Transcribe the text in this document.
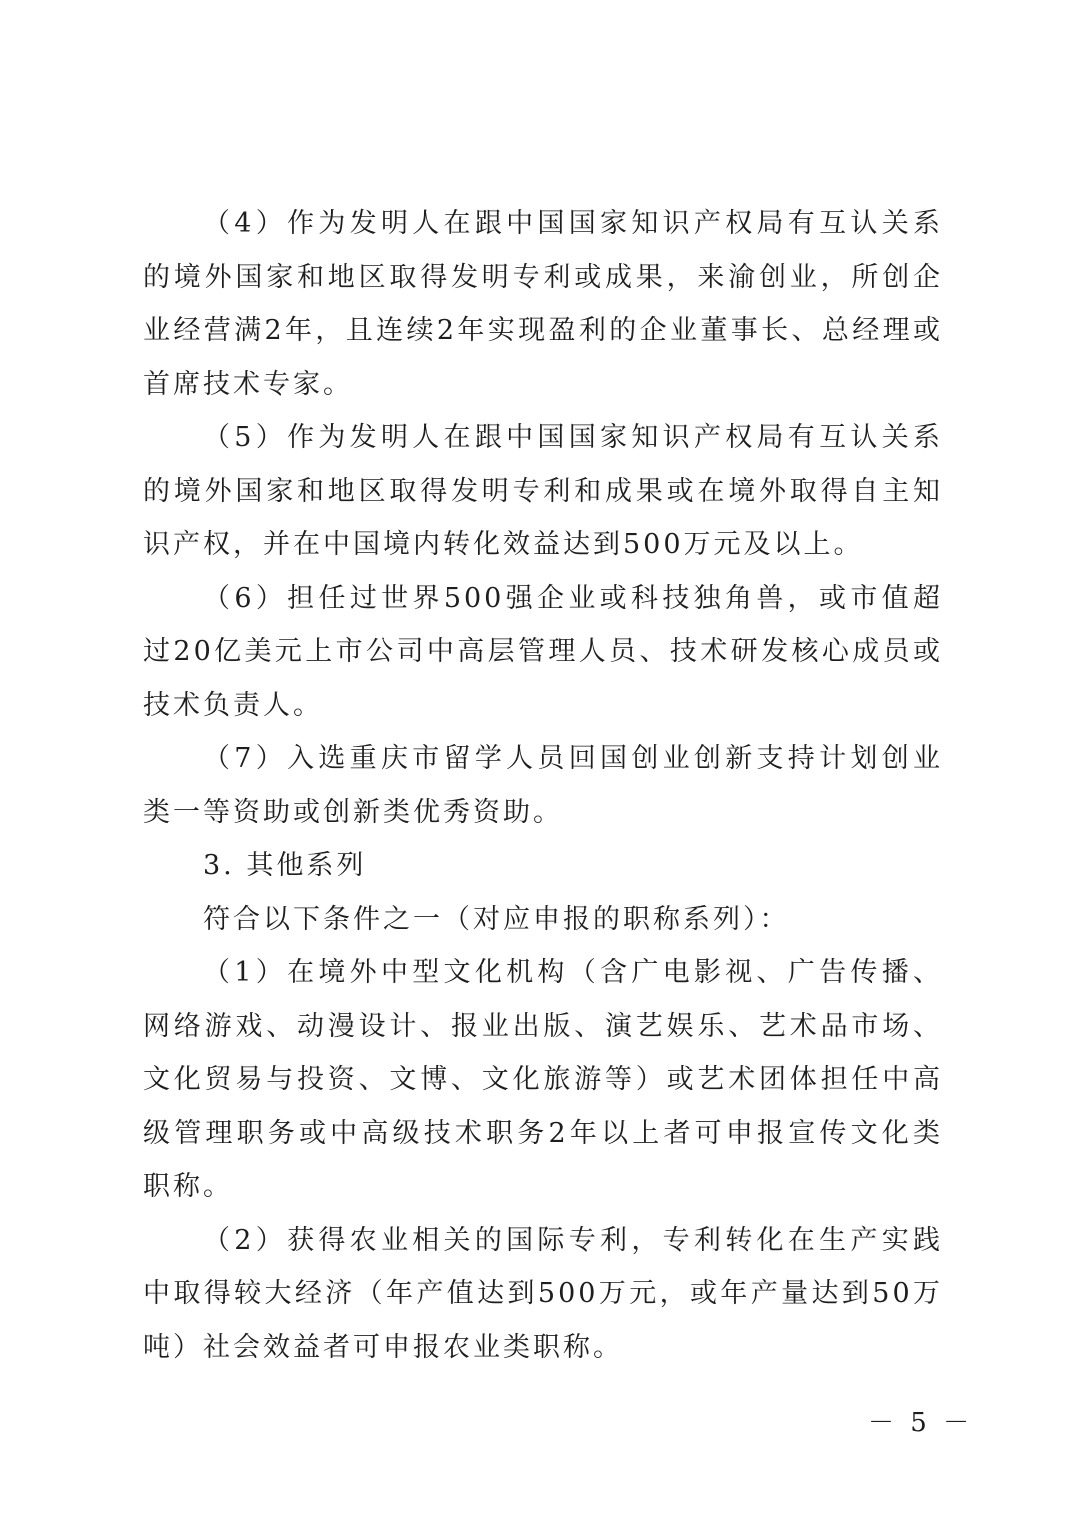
（4）作为发明人在跟中国国家知识产权局有互认关系的境外国家和地区取得发明专利或成果，来渝创业，所创企业经营满2年，且连续2年实现盈利的企业董事长、总经理或首席技术专家。

（5）作为发明人在跟中国国家知识产权局有互认关系的境外国家和地区取得发明专利和成果或在境外取得自主知识产权，并在中国境内转化效益达到500万元及以上。

（6）担任过世界500强企业或科技独角兽，或市值超过20亿美元上市公司中高层管理人员、技术研发核心成员或技术负责人。

（7）入选重庆市留学人员回国创业创新支持计划创业类一等资助或创新类优秀资助。

3. 其他系列

符合以下条件之一（对应申报的职称系列）：

（1）在境外中型文化机构（含广电影视、广告传播、网络游戏、动漫设计、报业出版、演艺娱乐、艺术品市场、文化贸易与投资、文博、文化旅游等）或艺术团体担任中高级管理职务或中高级技术职务2年以上者可申报宣传文化类职称。

（2）获得农业相关的国际专利，专利转化在生产实践中取得较大经济（年产值达到500万元，或年产量达到50万吨）社会效益者可申报农业类职称。

－ 5 －
